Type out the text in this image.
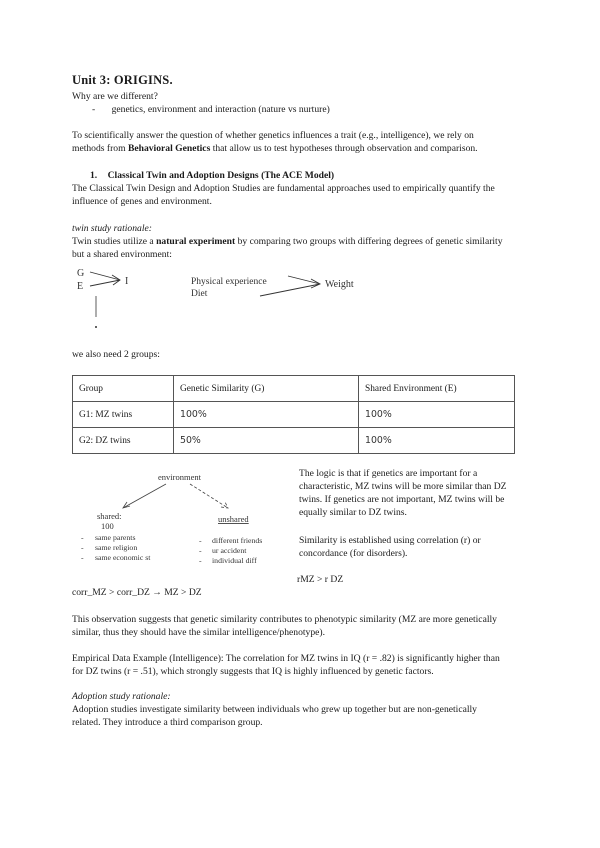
Unit 3: ORIGINS.
Why are we different?
- genetics, environment and interaction (nature vs nurture)
To scientifically answer the question of whether genetics influences a trait (e.g., intelligence), we rely on
methods from Behavioral Genetics that allow us to test hypotheses through observation and comparison.
1. Classical Twin and Adoption Designs (The ACE Model)
The Classical Twin Design and Adoption Studies are fundamental approaches used to empirically quantify the
influence of genes and environment.
twin study rationale:
Twin studies utilize a natural experiment by comparing two groups with differing degrees of genetic similarity
but a shared environment:
G
E	I	Physical experience
Diet
Weight
we also need 2 groups:
Group	Genetic Similarity (G)	Shared Environment (E)
G1: MZ twins	100%	100%
G2: DZ twins	50%	100%
environment
shared:
100
- same parents
- same religion
- same economic st
unshared
- different friends
- ur accident
- individual diff
The logic is that if genetics are important for a
characteristic, MZ twins will be more similar than DZ
twins. If genetics are not important, MZ twins will be
equally similar to DZ twins.
Similarity is established using correlation (r) or
concordance (for disorders).
rMZ > r DZ
corr_MZ > corr_DZ → MZ > DZ
This observation suggests that genetic similarity contributes to phenotypic similarity (MZ are more genetically
similar, thus they should have the similar intelligence/phenotype).
Empirical Data Example (Intelligence): The correlation for MZ twins in IQ (r = .82) is significantly higher than
for DZ twins (r = .51), which strongly suggests that IQ is highly influenced by genetic factors.
Adoption study rationale:
Adoption studies investigate similarity between individuals who grew up together but are non-genetically
related. They introduce a third comparison group.
